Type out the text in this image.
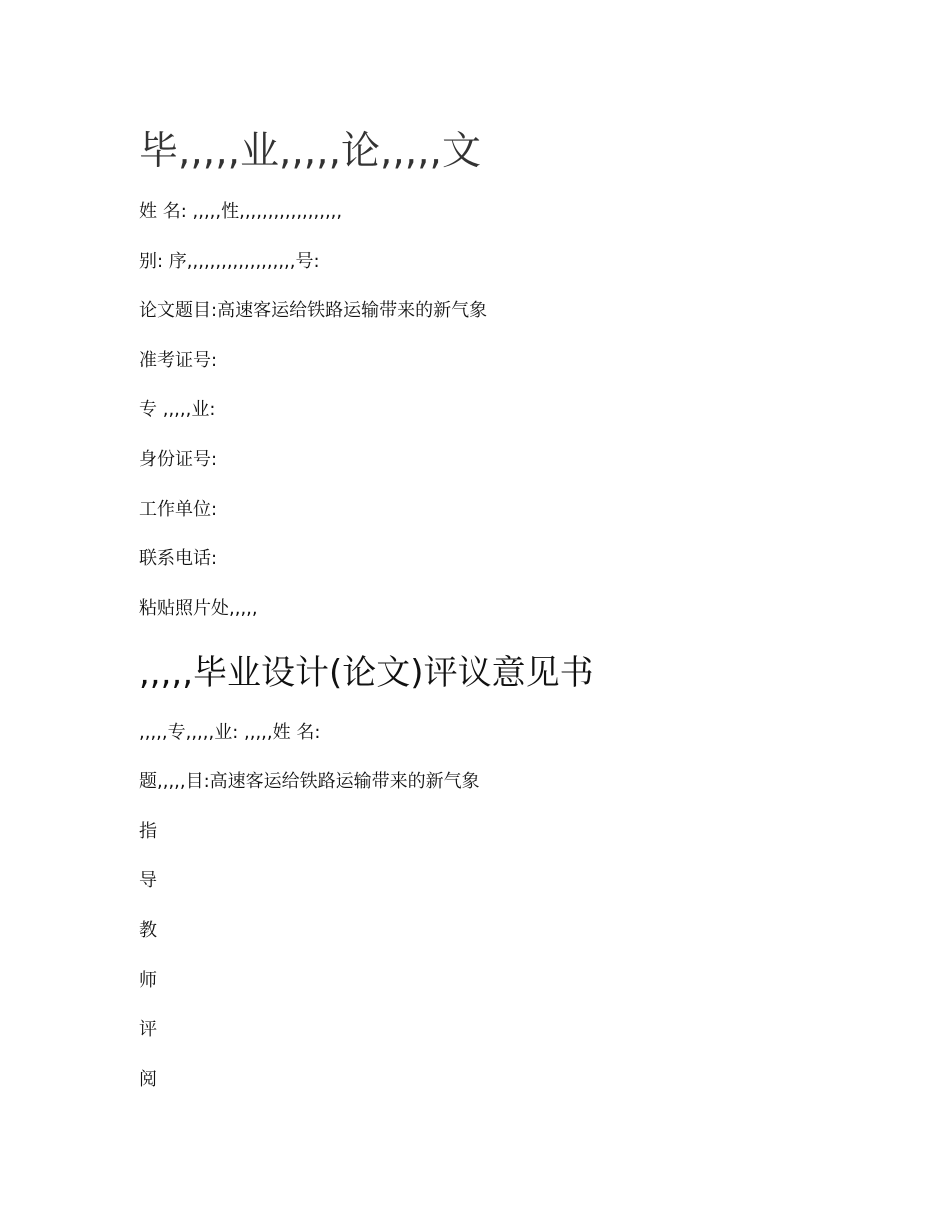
毕,,,,,业,,,,,论,,,,,文

姓 名: ,,,,,性,,,,,,,,,,,,,,,,,,

别: 序,,,,,,,,,,,,,,,,,,,号:

论文题目:高速客运给铁路运输带来的新气象

准考证号:

专 ,,,,,业:

身份证号:

工作单位:

联系电话:

粘贴照片处,,,,,

,,,,,毕业设计(论文)评议意见书

,,,,,专,,,,,业: ,,,,,姓 名:

题,,,,,目:高速客运给铁路运输带来的新气象

指

导

教

师

评

阅
